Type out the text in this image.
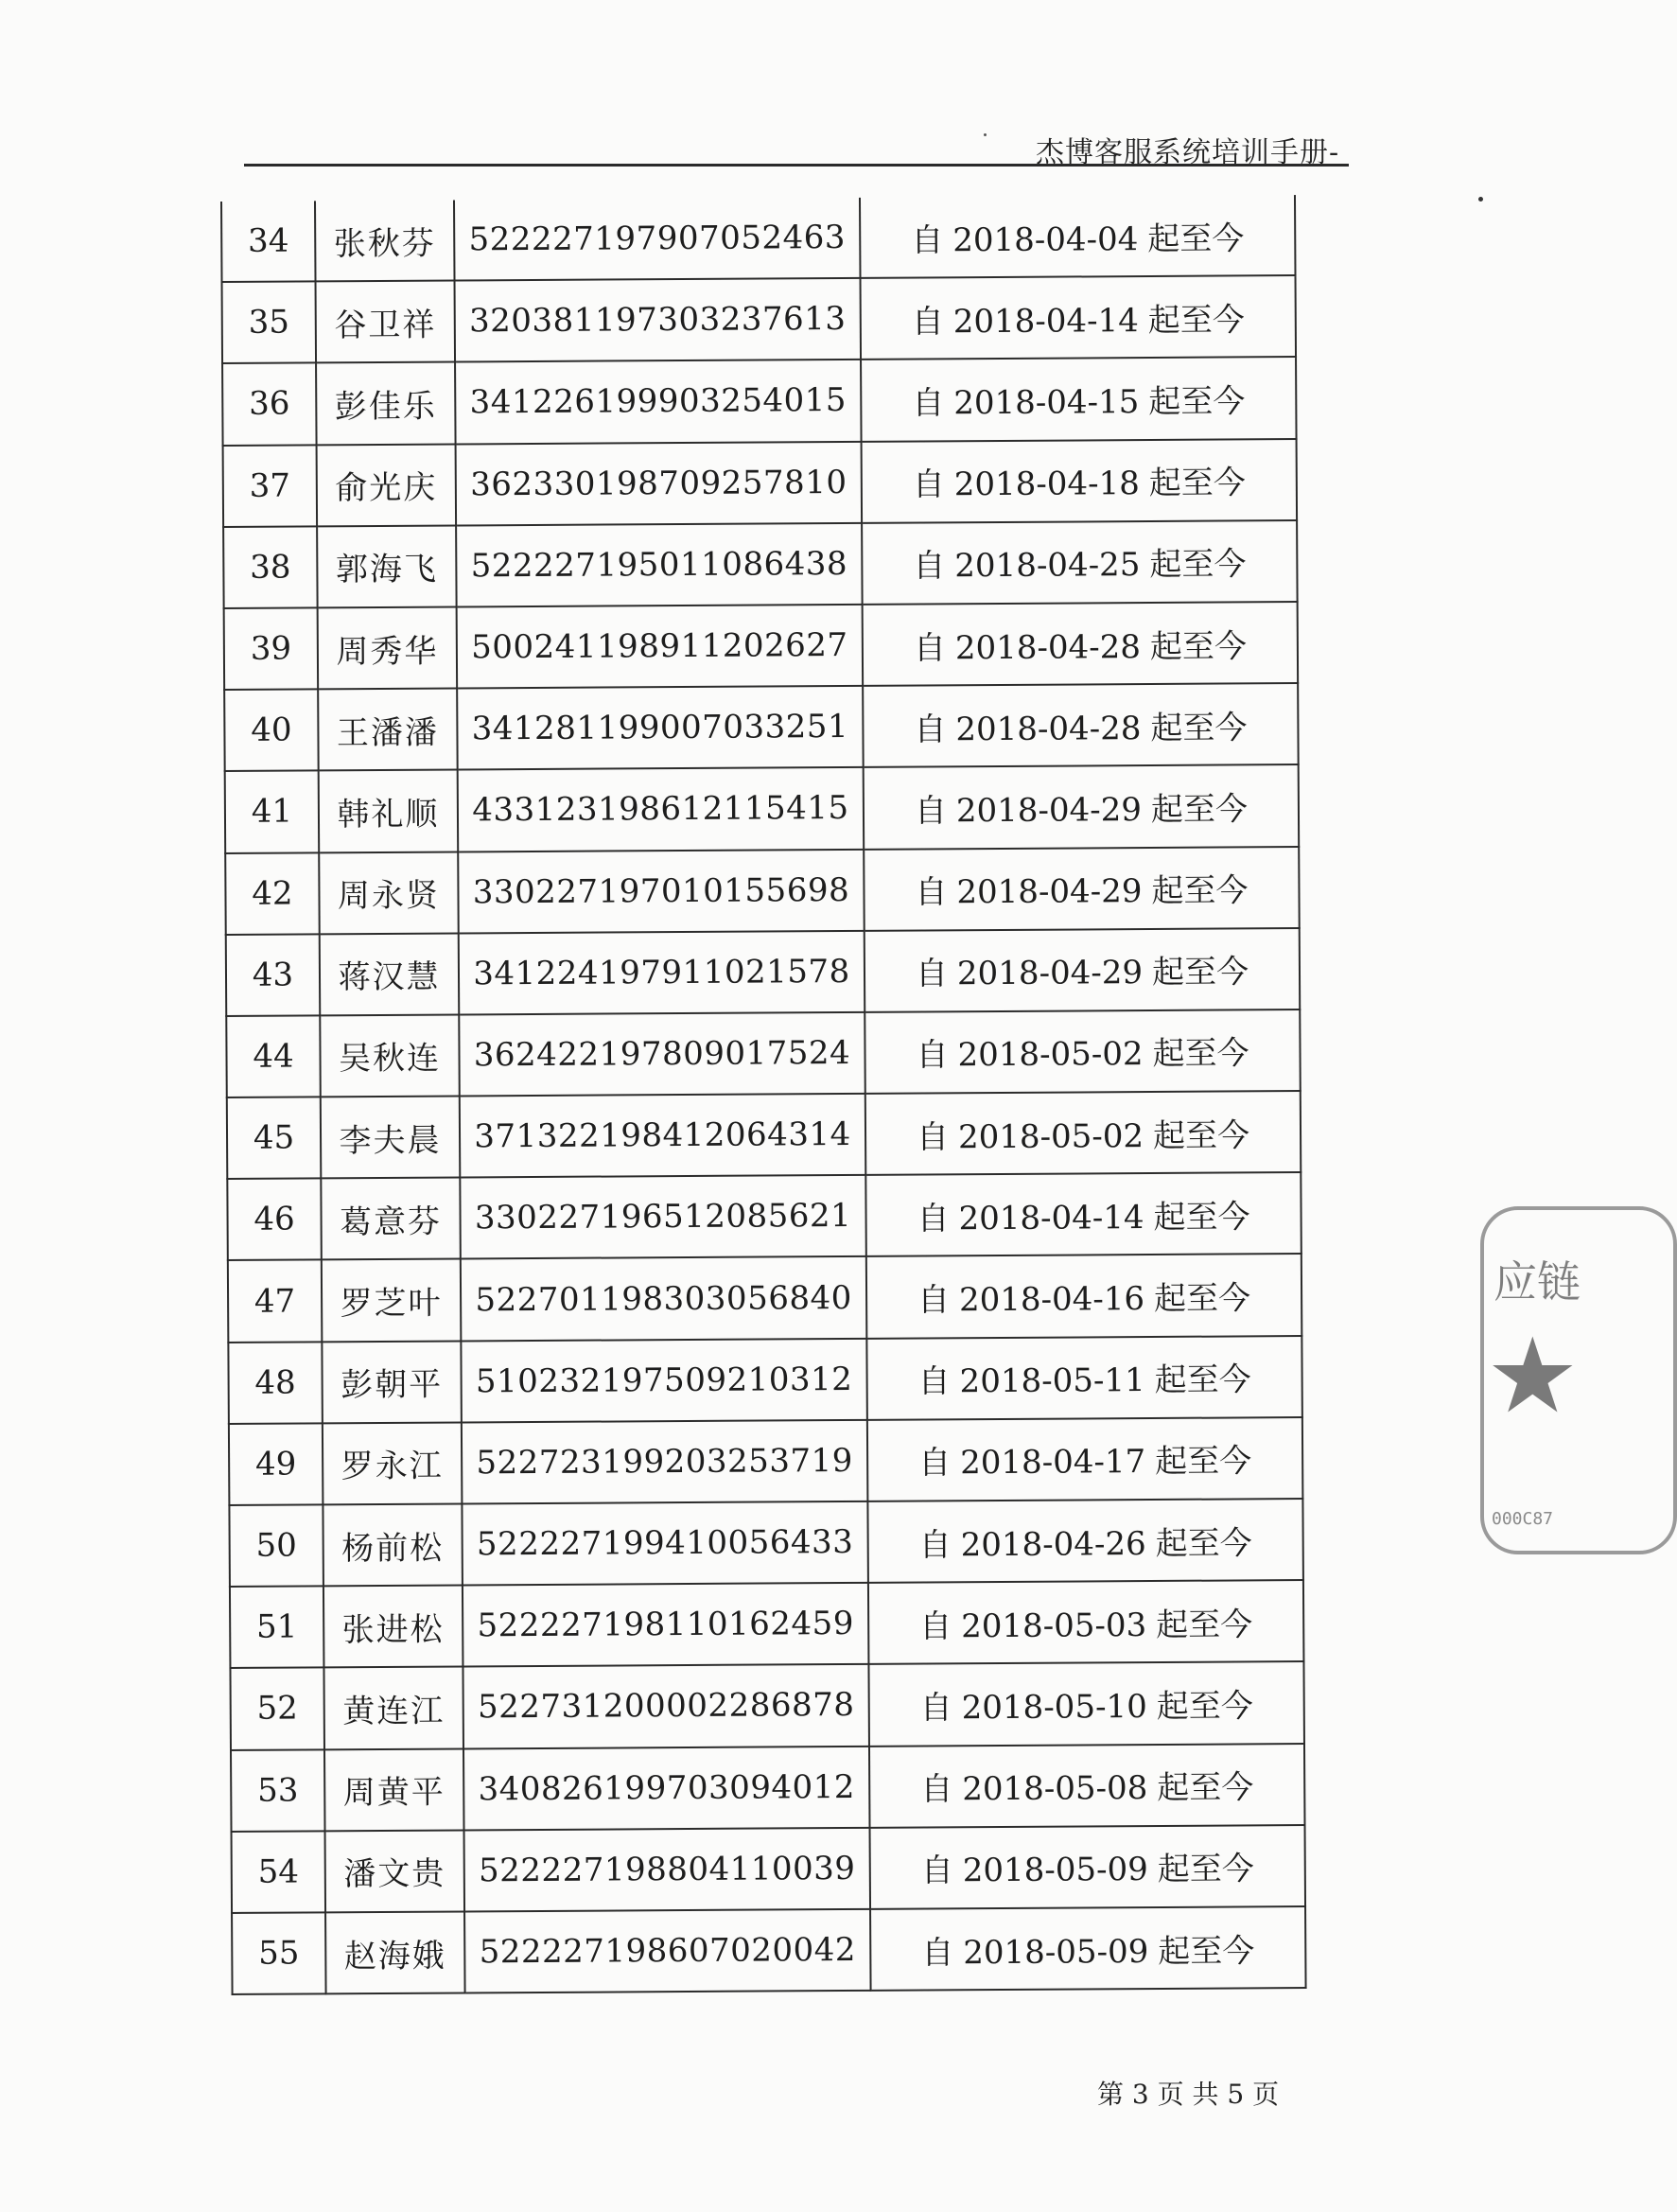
杰博客服系统培训手册-
34	张秋芬	522227197907052463	自 2018-04-04 起至今
35	谷卫祥	320381197303237613	自 2018-04-14 起至今
36	彭佳乐	341226199903254015	自 2018-04-15 起至今
37	俞光庆	362330198709257810	自 2018-04-18 起至今
38	郭海飞	522227195011086438	自 2018-04-25 起至今
39	周秀华	500241198911202627	自 2018-04-28 起至今
40	王潘潘	341281199007033251	自 2018-04-28 起至今
41	韩礼顺	433123198612115415	自 2018-04-29 起至今
42	周永贤	330227197010155698	自 2018-04-29 起至今
43	蒋汉慧	341224197911021578	自 2018-04-29 起至今
44	吴秋连	362422197809017524	自 2018-05-02 起至今
45	李夫晨	371322198412064314	自 2018-05-02 起至今
46	葛意芬	330227196512085621	自 2018-04-14 起至今
47	罗芝叶	522701198303056840	自 2018-04-16 起至今
48	彭朝平	510232197509210312	自 2018-05-11 起至今
49	罗永江	522723199203253719	自 2018-04-17 起至今
50	杨前松	522227199410056433	自 2018-04-26 起至今
51	张进松	522227198110162459	自 2018-05-03 起至今
52	黄连江	522731200002286878	自 2018-05-10 起至今
53	周黄平	340826199703094012	自 2018-05-08 起至今
54	潘文贵	522227198804110039	自 2018-05-09 起至今
55	赵海娥	522227198607020042	自 2018-05-09 起至今
第 3 页 共 5 页
应链
★
000C87
